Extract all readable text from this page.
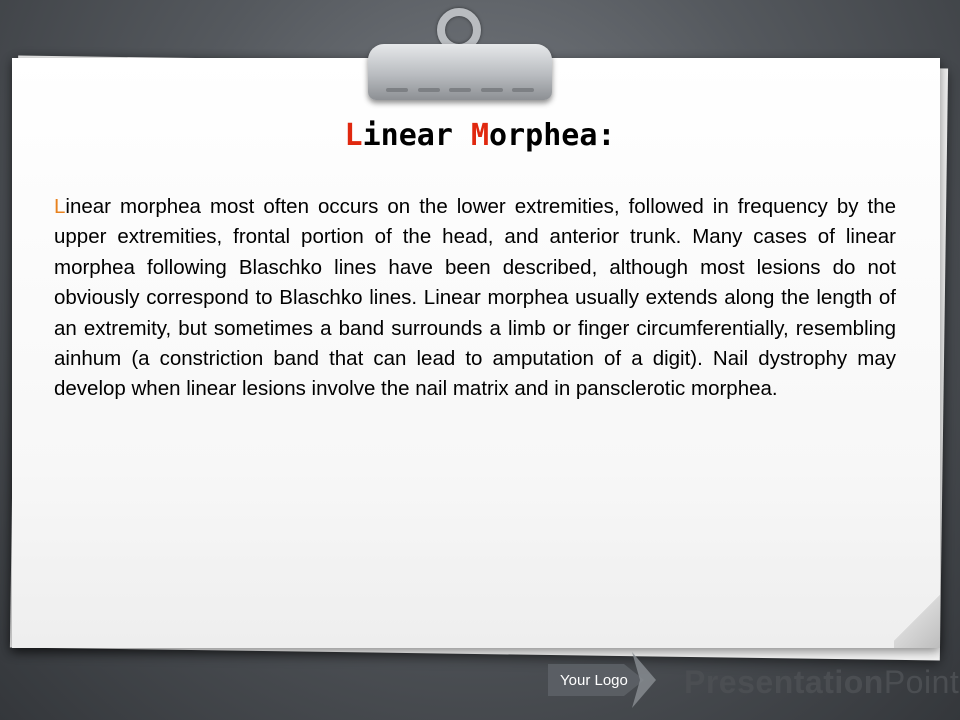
Linear Morphea:
Linear morphea most often occurs on the lower extremities, followed in frequency by the upper extremities, frontal portion of the head, and anterior trunk. Many cases of linear morphea following Blaschko lines have been described, although most lesions do not obviously correspond to Blaschko lines. Linear morphea usually extends along the length of an extremity, but sometimes a band surrounds a limb or finger circumferentially, resembling ainhum (a constriction band that can lead to amputation of a digit). Nail dystrophy may develop when linear lesions involve the nail matrix and in pansclerotic morphea.
Your Logo PresentationPoint
